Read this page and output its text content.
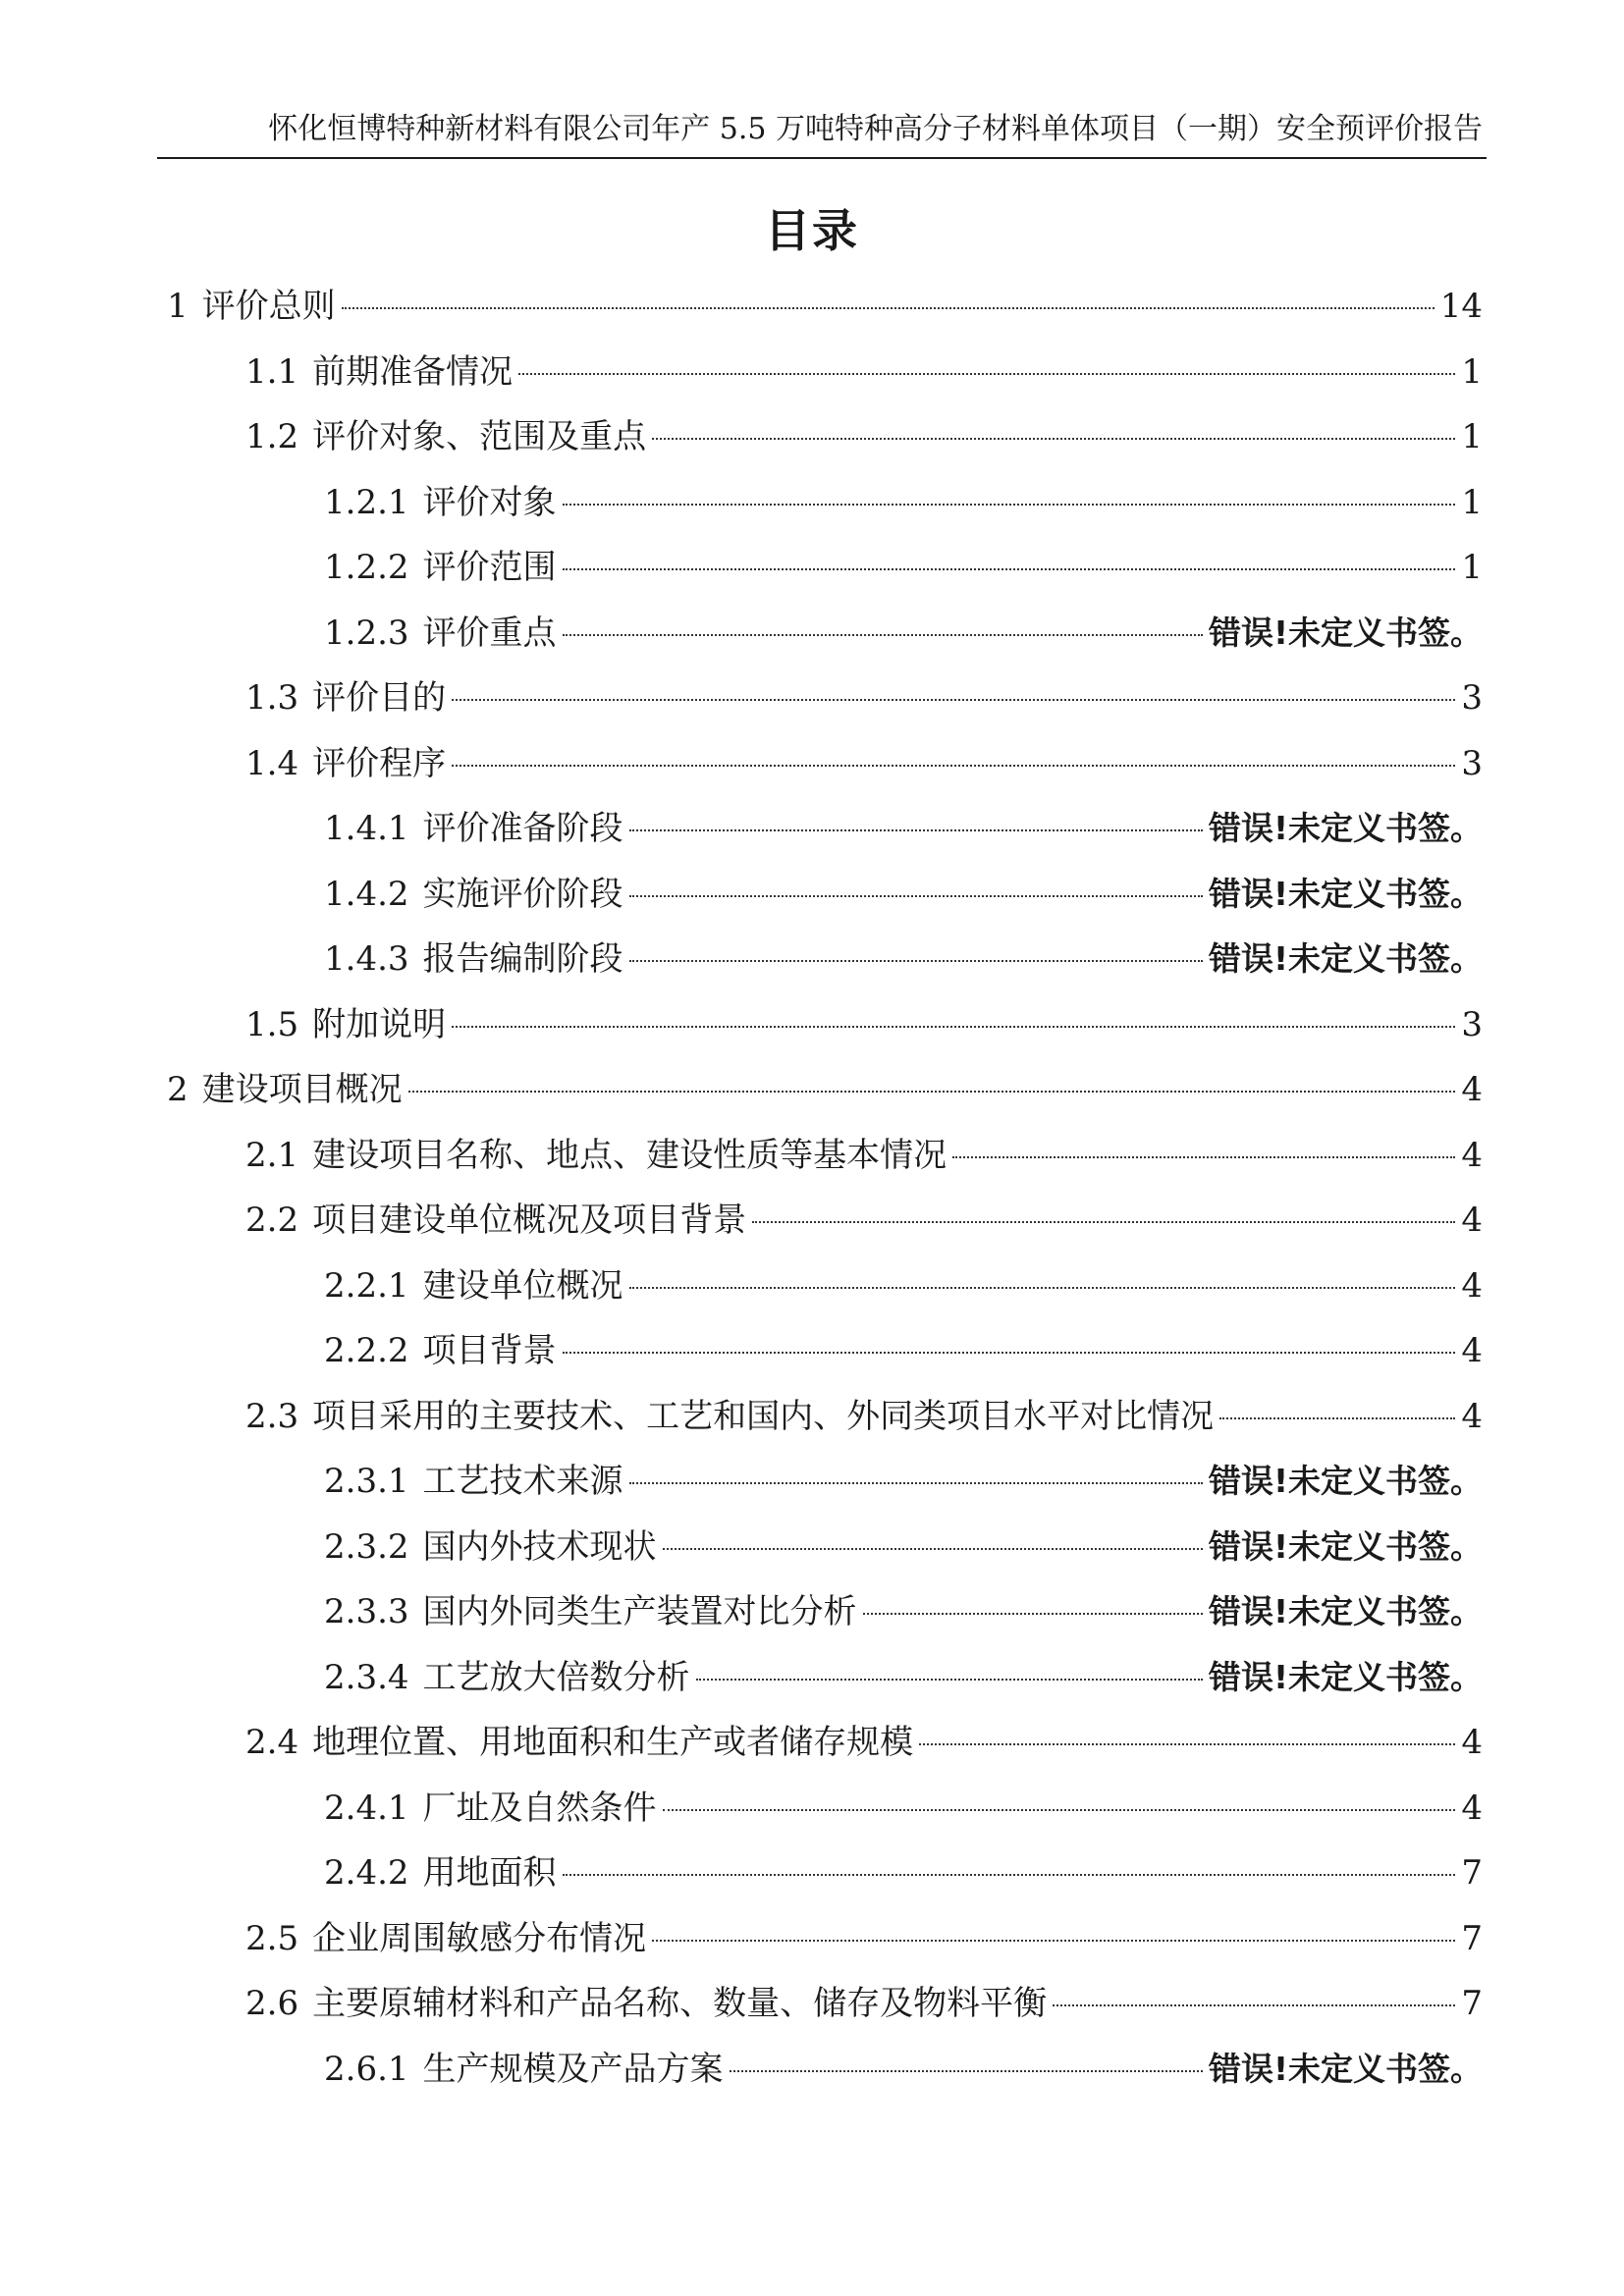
怀化恒博特种新材料有限公司年产 5.5 万吨特种高分子材料单体项目（一期）安全预评价报告
目录
1 评价总则	14
1.1 前期准备情况	1
1.2 评价对象、范围及重点	1
1.2.1 评价对象	1
1.2.2 评价范围	1
1.2.3 评价重点	错误!未定义书签。
1.3 评价目的	3
1.4 评价程序	3
1.4.1 评价准备阶段	错误!未定义书签。
1.4.2 实施评价阶段	错误!未定义书签。
1.4.3 报告编制阶段	错误!未定义书签。
1.5 附加说明	3
2 建设项目概况	4
2.1 建设项目名称、地点、建设性质等基本情况	4
2.2 项目建设单位概况及项目背景	4
2.2.1 建设单位概况	4
2.2.2 项目背景	4
2.3 项目采用的主要技术、工艺和国内、外同类项目水平对比情况	4
2.3.1 工艺技术来源	错误!未定义书签。
2.3.2 国内外技术现状	错误!未定义书签。
2.3.3 国内外同类生产装置对比分析	错误!未定义书签。
2.3.4 工艺放大倍数分析	错误!未定义书签。
2.4 地理位置、用地面积和生产或者储存规模	4
2.4.1 厂址及自然条件	4
2.4.2 用地面积	7
2.5 企业周围敏感分布情况	7
2.6 主要原辅材料和产品名称、数量、储存及物料平衡	7
2.6.1 生产规模及产品方案	错误!未定义书签。
